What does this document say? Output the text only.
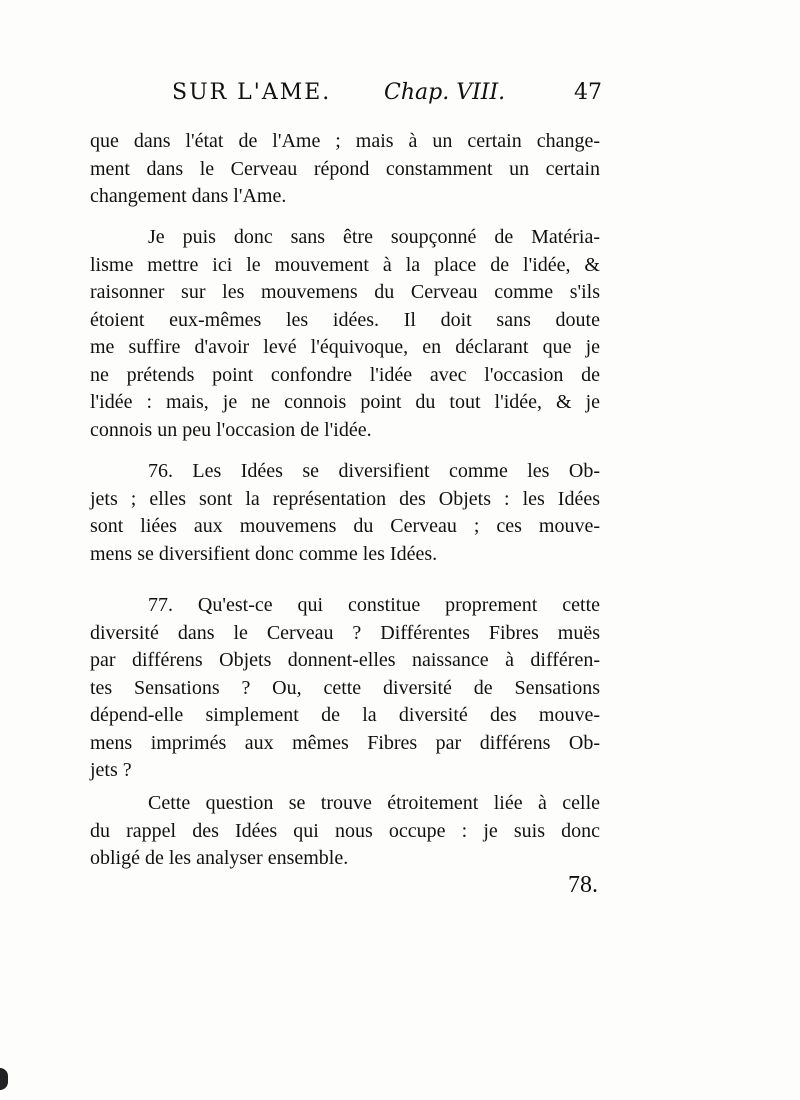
SUR L'AME. Chap. VIII.	47
que dans l'état de l'Ame ; mais à un certain change-
ment dans le Cerveau répond constamment un certain
changement dans l'Ame.
Je puis donc sans être soupçonné de Matéria-
lisme mettre ici le mouvement à la place de l'idée, &
raisonner sur les mouvemens du Cerveau comme s'ils
étoient eux-mêmes les idées. Il doit sans doute
me suffire d'avoir levé l'équivoque, en déclarant que je
ne prétends point confondre l'idée avec l'occasion de
l'idée : mais, je ne connois point du tout l'idée, & je
connois un peu l'occasion de l'idée.
76. Les Idées se diversifient comme les Ob-
jets ; elles sont la représentation des Objets : les Idées
sont liées aux mouvemens du Cerveau ; ces mouve-
mens se diversifient donc comme les Idées.
77. Qu'est-ce qui constitue proprement cette
diversité dans le Cerveau ? Différentes Fibres muës
par différens Objets donnent-elles naissance à différen-
tes Sensations ? Ou, cette diversité de Sensations
dépend-elle simplement de la diversité des mouve-
mens imprimés aux mêmes Fibres par différens Ob-
jets ?
Cette question se trouve étroitement liée à celle
du rappel des Idées qui nous occupe : je suis donc
obligé de les analyser ensemble.
78.
